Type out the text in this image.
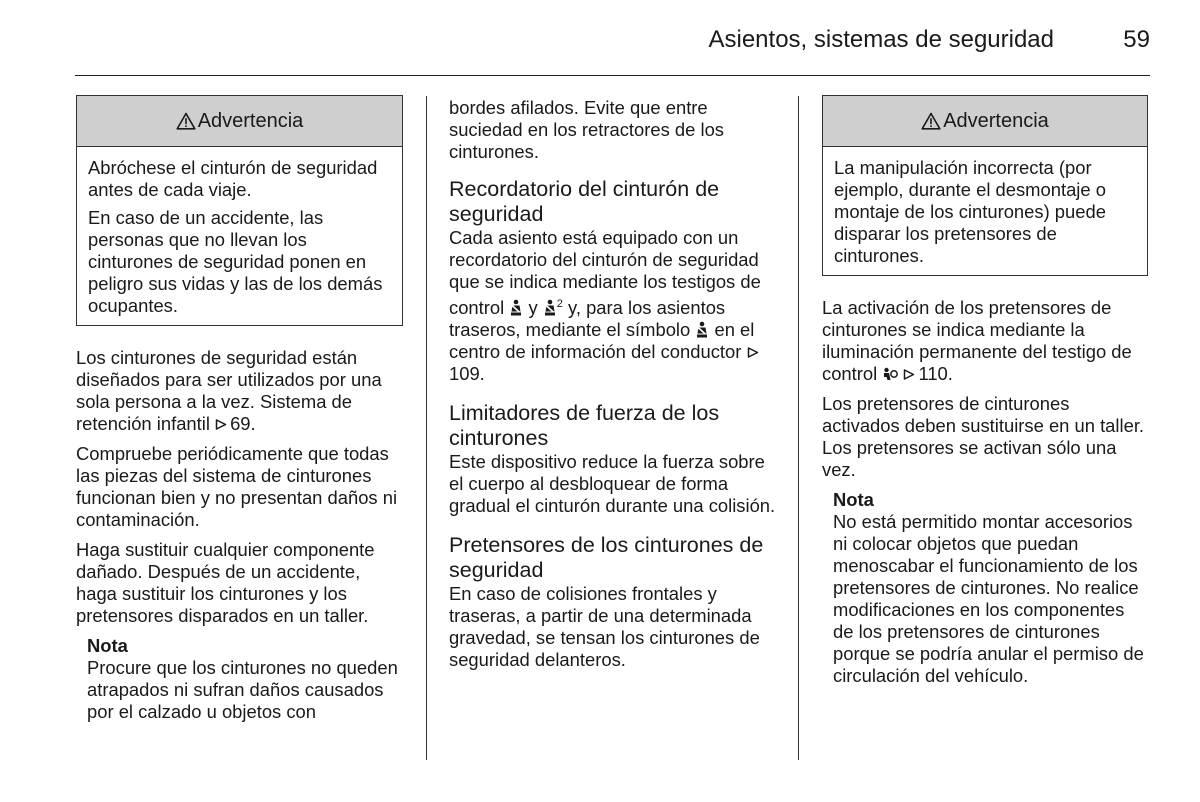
Asientos, sistemas de seguridad	59
Advertencia

Abróchese el cinturón de seguridad antes de cada viaje.

En caso de un accidente, las personas que no llevan los cinturones de seguridad ponen en peligro sus vidas y las de los demás ocupantes.

Los cinturones de seguridad están diseñados para ser utilizados por una sola persona a la vez. Sistema de retención infantil 69.

Compruebe periódicamente que todas las piezas del sistema de cinturones funcionan bien y no presentan daños ni contaminación.

Haga sustituir cualquier componente dañado. Después de un accidente, haga sustituir los cinturones y los pretensores disparados en un taller.

Nota
Procure que los cinturones no queden atrapados ni sufran daños causados por el calzado u objetos con

bordes afilados. Evite que entre suciedad en los retractores de los cinturones.

Recordatorio del cinturón de seguridad

Cada asiento está equipado con un recordatorio del cinturón de seguridad que se indica mediante los testigos de control y $^2$ y, para los asientos traseros, mediante el símbolo en el centro de información del conductor 109.

Limitadores de fuerza de los cinturones

Este dispositivo reduce la fuerza sobre el cuerpo al desbloquear de forma gradual el cinturón durante una colisión.

Pretensores de los cinturones de seguridad

En caso de colisiones frontales y traseras, a partir de una determinada gravedad, se tensan los cinturones de seguridad delanteros.

Advertencia

La manipulación incorrecta (por ejemplo, durante el desmontaje o montaje de los cinturones) puede disparar los pretensores de cinturones.

La activación de los pretensores de cinturones se indica mediante la iluminación permanente del testigo de control 110.

Los pretensores de cinturones activados deben sustituirse en un taller. Los pretensores se activan sólo una vez.

Nota
No está permitido montar accesorios ni colocar objetos que puedan menoscabar el funcionamiento de los pretensores de cinturones. No realice modificaciones en los componentes de los pretensores de cinturones porque se podría anular el permiso de circulación del vehículo.
